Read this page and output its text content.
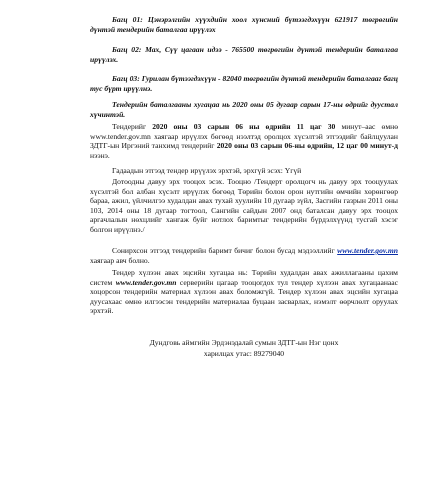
Багц 01: Цэнэрэлгийн хүүхдийн хоол хүнсний бүтээгдэхүүн 621917 төгрөгийн дүнтэй тендерийн баталгаа ирүүлэх

Багц 02: Мах, Сүү цагаан идээ - 765500 төгрөгийн дүнтэй тендерийн баталгаа ирүүлэх.

Багц 03: Гурилан бүтээгдэхүүн - 82040 төгрөгийн дүнтэй тендерийн баталгааг багц тус бүрт ирүүлнэ.

Тендерийн баталгааны хугацаа нь 2020 оны 05 дугаар сарын 17-ны өдрийг дуустал хүчинтэй.

Тендерийг 2020 оны 03 сарын 06 ны өдрийн 11 цаг 30 минут–аас өмнө www.tender.gov.mn хаягаар ирүүлэх бөгөөд нээлтэд оролцох хүсэлтэй этгээдийг байлцуулан ЗДТГ-ын Иргэний танхимд тендерийг 2020 оны 03 сарын 06-ны өдрийн, 12 цаг 00 минут-д нээнэ.

Гадаадын этгээд тендер ирүүлэх эрхтэй, эрхгүй эсэх: Үгүй

Дотоодны давуу эрх тооцох эсэх. Тооцно /Тендерт оролцогч нь давуу эрх тооцуулах хүсэлтэй бол албан хүсэлт ирүүлэх бөгөөд Төрийн болон орон нутгийн өмчийн хөрөнгөөр бараа, ажил, үйлчилгээ худалдан авах тухай хуулийн 10 дугаар зүйл, Засгийн газрын 2011 оны 103, 2014 оны 18 дугаар тогтоол, Сангийн сайдын 2007 онд баталсан давуу эрх тооцох аргачлалын нөхцлийг хангаж буйг нотлох баримтыг тендерийн бүрдэлхүүнд тусгай хэсэг болгон ирүүлнэ./

Сонирхсон этгээд тендерийн баримт бичиг болон бусад мэдээллийг www.tender.gov.mn хаягаар авч болно.

Тендер хүлээн авах эцсийн хугацаа нь: Төрийн худалдан авах ажиллагааны цахим систем www.tender.gov.mn серверийн цагаар тооцогдох тул тендер хүлээн авах хугацаанаас хоцорсон тендерийн материал хүлээн авах боломжгүй. Тендер хүлээн авах эцсийн хугацаа дуусахаас өмнө илгээсэн тендерийн материалаа буцаан засварлах, нэмэлт өөрчлөлт оруулах эрхтэй.

Дундговь аймгийн Эрдэнэдалай сумын ЗДТГ-ын Нэг цонх

харилцах утас: 89279040
